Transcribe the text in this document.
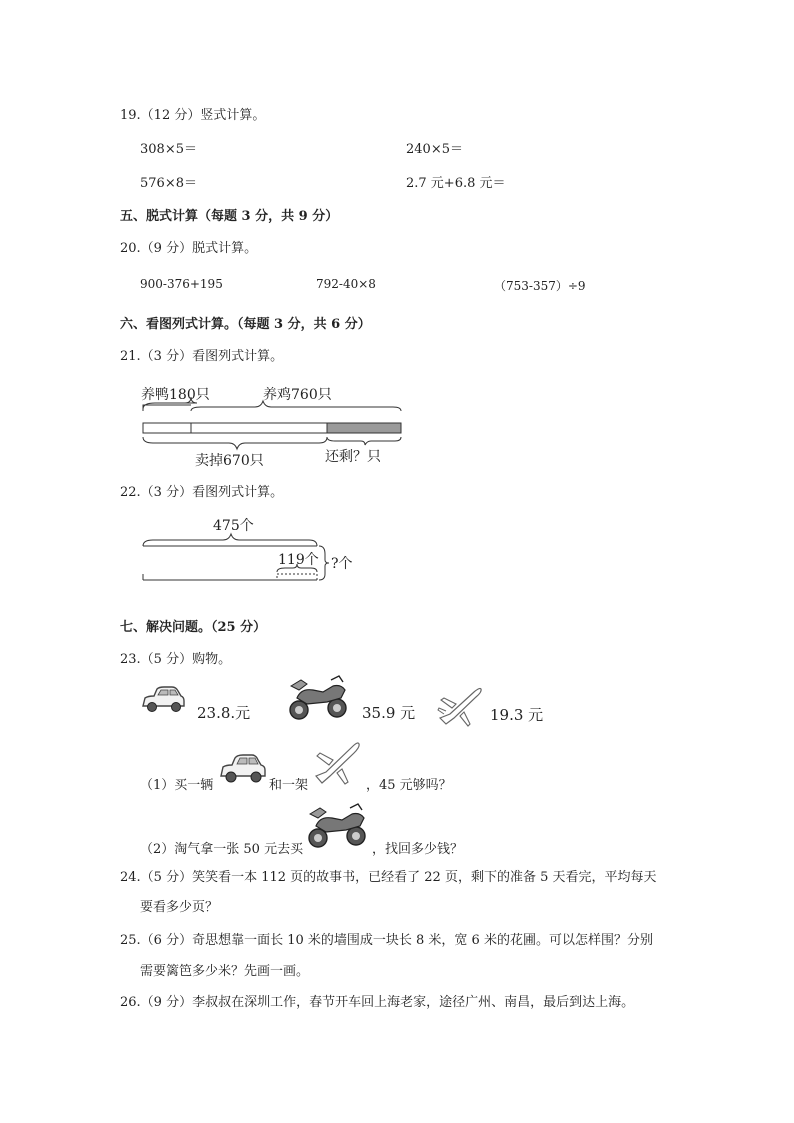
19.（12 分）竖式计算。
308×5＝	240×5＝
576×8＝	2.7 元+6.8 元＝
五、脱式计算（每题 3 分，共 9 分）
20.（9 分）脱式计算。
900-376+195	792-40×8	（753-357）÷9
六、看图列式计算。（每题 3 分，共 6 分）
21.（3 分）看图列式计算。
养鸭180只	养鸡760只
卖掉670只	还剩？只
22.（3 分）看图列式计算。
475个
119个 ?个
七、解决问题。（25 分）
23.（5 分）购物。
23.8.元	35.9 元	19.3 元
（1）买一辆	和一架	，45 元够吗？
（2）淘气拿一张 50 元去买	，找回多少钱？
24.（5 分）笑笑看一本 112 页的故事书，已经看了 22 页，剩下的准备 5 天看完，平均每天
要看多少页？
25.（6 分）奇思想靠一面长 10 米的墙围成一块长 8 米，宽 6 米的花圃。可以怎样围？分别
需要篱笆多少米？先画一画。
26.（9 分）李叔叔在深圳工作，春节开车回上海老家，途径广州、南昌，最后到达上海。
